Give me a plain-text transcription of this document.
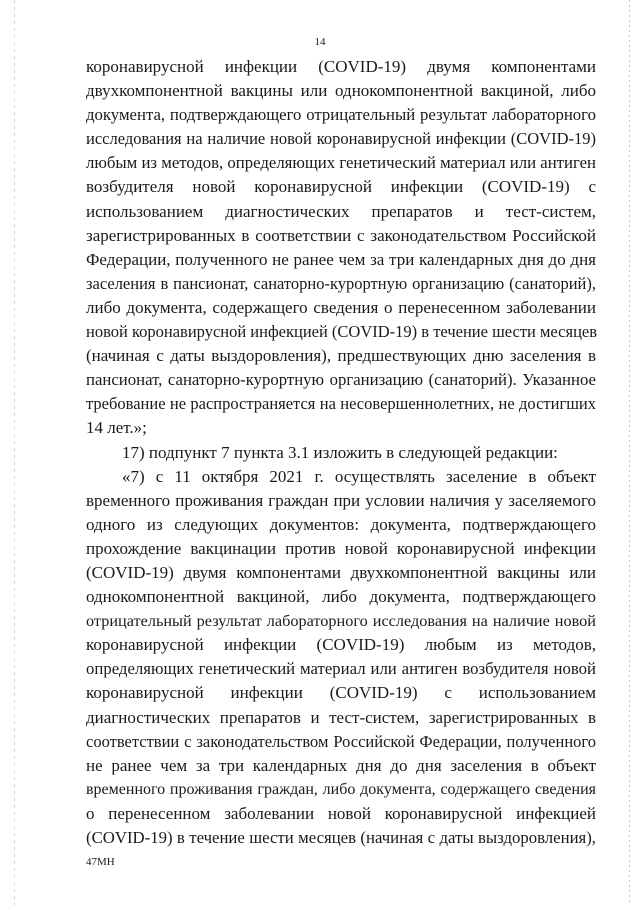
14
коронавирусной инфекции (COVID-19) двумя компонентами
двухкомпонентной вакцины или однокомпонентной вакциной, либо
документа, подтверждающего отрицательный результат лабораторного
исследования на наличие новой коронавирусной инфекции (COVID-19)
любым из методов, определяющих генетический материал или антиген
возбудителя новой коронавирусной инфекции (COVID-19) с
использованием диагностических препаратов и тест-систем,
зарегистрированных в соответствии с законодательством Российской
Федерации, полученного не ранее чем за три календарных дня до дня
заселения в пансионат, санаторно-курортную организацию (санаторий),
либо документа, содержащего сведения о перенесенном заболевании
новой коронавирусной инфекцией (COVID-19) в течение шести месяцев
(начиная с даты выздоровления), предшествующих дню заселения в
пансионат, санаторно-курортную организацию (санаторий). Указанное
требование не распространяется на несовершеннолетних, не достигших
14 лет.»;
17) подпункт 7 пункта 3.1 изложить в следующей редакции:
«7) с 11 октября 2021 г. осуществлять заселение в объект
временного проживания граждан при условии наличия у заселяемого
одного из следующих документов: документа, подтверждающего
прохождение вакцинации против новой коронавирусной инфекции
(COVID-19) двумя компонентами двухкомпонентной вакцины или
однокомпонентной вакциной, либо документа, подтверждающего
отрицательный результат лабораторного исследования на наличие новой
коронавирусной инфекции (COVID-19) любым из методов,
определяющих генетический материал или антиген возбудителя новой
коронавирусной инфекции (COVID-19) с использованием
диагностических препаратов и тест-систем, зарегистрированных в
соответствии с законодательством Российской Федерации, полученного
не ранее чем за три календарных дня до дня заселения в объект
временного проживания граждан, либо документа, содержащего сведения
о перенесенном заболевании новой коронавирусной инфекцией
(COVID-19) в течение шести месяцев (начиная с даты выздоровления),
47МН
